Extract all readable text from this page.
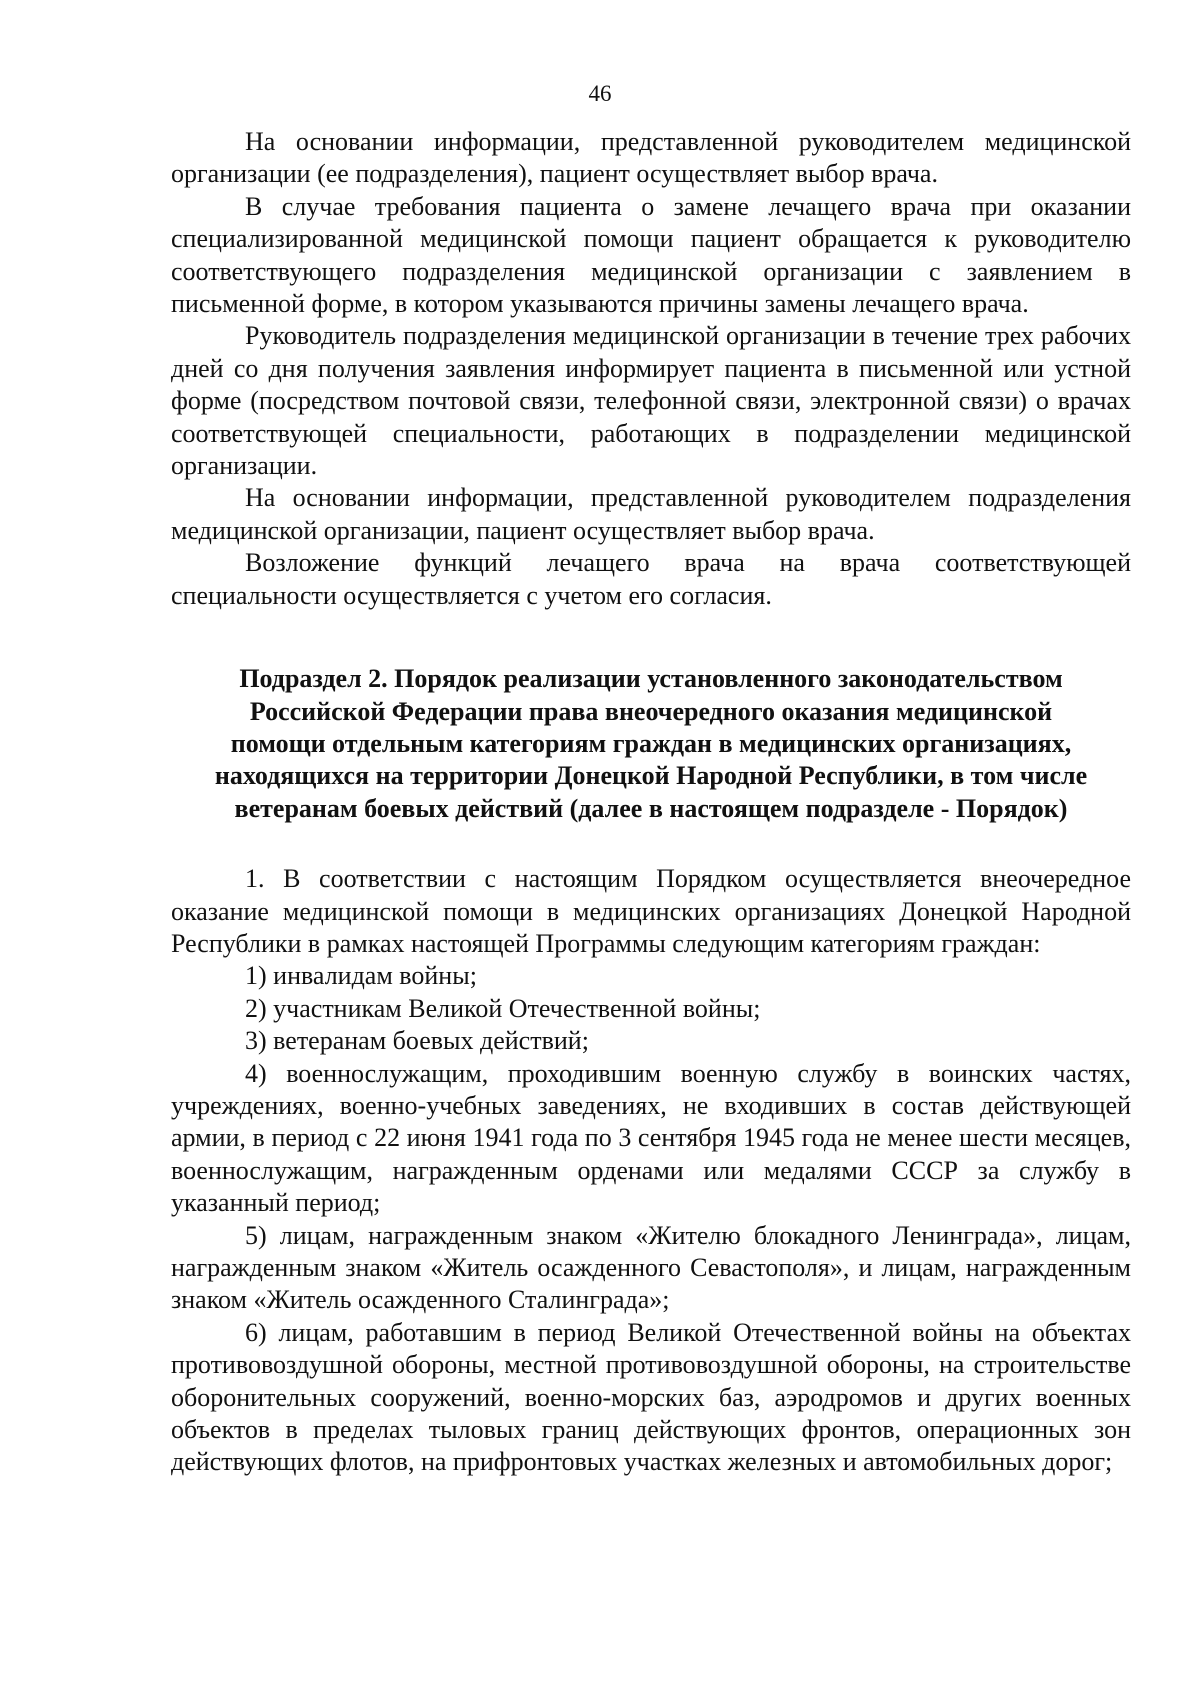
46

На основании информации, представленной руководителем медицинской организации (ее подразделения), пациент осуществляет выбор врача.

В случае требования пациента о замене лечащего врача при оказании специализированной медицинской помощи пациент обращается к руководителю соответствующего подразделения медицинской организации с заявлением в письменной форме, в котором указываются причины замены лечащего врача.

Руководитель подразделения медицинской организации в течение трех рабочих дней со дня получения заявления информирует пациента в письменной или устной форме (посредством почтовой связи, телефонной связи, электронной связи) о врачах соответствующей специальности, работающих в подразделении медицинской организации.

На основании информации, представленной руководителем подразделения медицинской организации, пациент осуществляет выбор врача.

Возложение функций лечащего врача на врача соответствующей специальности осуществляется с учетом его согласия.

Подраздел 2. Порядок реализации установленного законодательством
Российской Федерации права внеочередного оказания медицинской
помощи отдельным категориям граждан в медицинских организациях,
находящихся на территории Донецкой Народной Республики, в том числе
ветеранам боевых действий (далее в настоящем подразделе - Порядок)

1. В соответствии с настоящим Порядком осуществляется внеочередное оказание медицинской помощи в медицинских организациях Донецкой Народной Республики в рамках настоящей Программы следующим категориям граждан:

1) инвалидам войны;

2) участникам Великой Отечественной войны;

3) ветеранам боевых действий;

4) военнослужащим, проходившим военную службу в воинских частях, учреждениях, военно-учебных заведениях, не входивших в состав действующей армии, в период с 22 июня 1941 года по 3 сентября 1945 года не менее шести месяцев, военнослужащим, награжденным орденами или медалями СССР за службу в указанный период;

5) лицам, награжденным знаком «Жителю блокадного Ленинграда», лицам, награжденным знаком «Житель осажденного Севастополя», и лицам, награжденным знаком «Житель осажденного Сталинграда»;

6) лицам, работавшим в период Великой Отечественной войны на объектах противовоздушной обороны, местной противовоздушной обороны, на строительстве оборонительных сооружений, военно-морских баз, аэродромов и других военных объектов в пределах тыловых границ действующих фронтов, операционных зон действующих флотов, на прифронтовых участках железных и автомобильных дорог;
